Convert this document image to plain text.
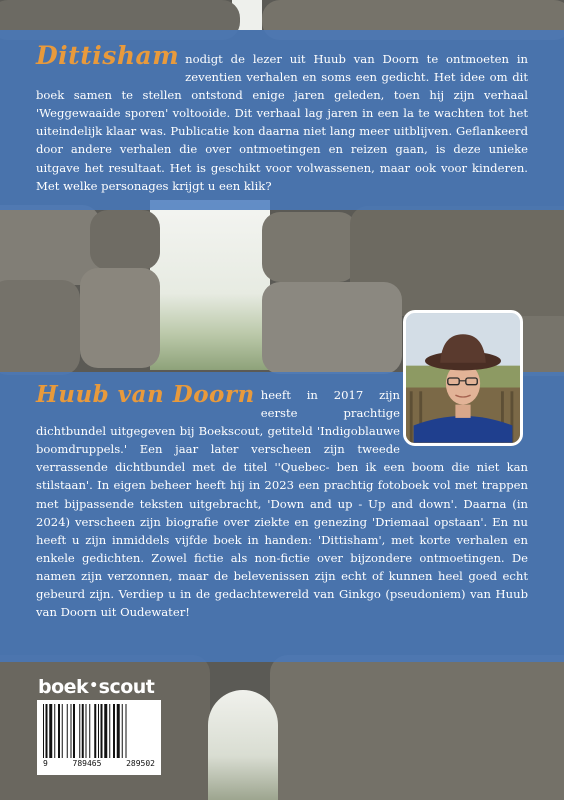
Dittisham nodigt de lezer uit Huub van Doorn te ontmoeten in zeventien verhalen en soms een gedicht. Het idee om dit boek samen te stellen ontstond enige jaren geleden, toen hij zijn verhaal 'Weggewaaide sporen' voltooide. Dit verhaal lag jaren in een la te wachten tot het uiteindelijk klaar was. Publicatie kon daarna niet lang meer uitblijven. Geflankeerd door andere verhalen die over ontmoetingen en reizen gaan, is deze unieke uitgave het resultaat. Het is geschikt voor volwassenen, maar ook voor kinderen. Met welke personages krijgt u een klik?

Huub van Doorn heeft in 2017 zijn eerste prachtige dichtbundel uitgegeven bij Boekscout, getiteld 'Indigoblauwe boomdruppels.' Een jaar later verscheen zijn tweede verrassende dichtbundel met de titel ''Quebec- ben ik een boom die niet kan stilstaan'. In eigen beheer heeft hij in 2023 een prachtig fotoboek vol met trappen met bijpassende teksten uitgebracht, 'Down and up - Up and down'. Daarna (in 2024) verscheen zijn biografie over ziekte en genezing 'Driemaal opstaan'. En nu heeft u zijn inmiddels vijfde boek in handen: 'Dittisham', met korte verhalen en enkele gedichten. Zowel fictie als non-fictie over bijzondere ontmoetingen. De namen zijn verzonnen, maar de belevenissen zijn echt of kunnen heel goed echt gebeurd zijn. Verdiep u in de gedachtewereld van Ginkgo (pseudoniem) van Huub van Doorn uit Oudewater!

boek•scout
9	789465	289502
